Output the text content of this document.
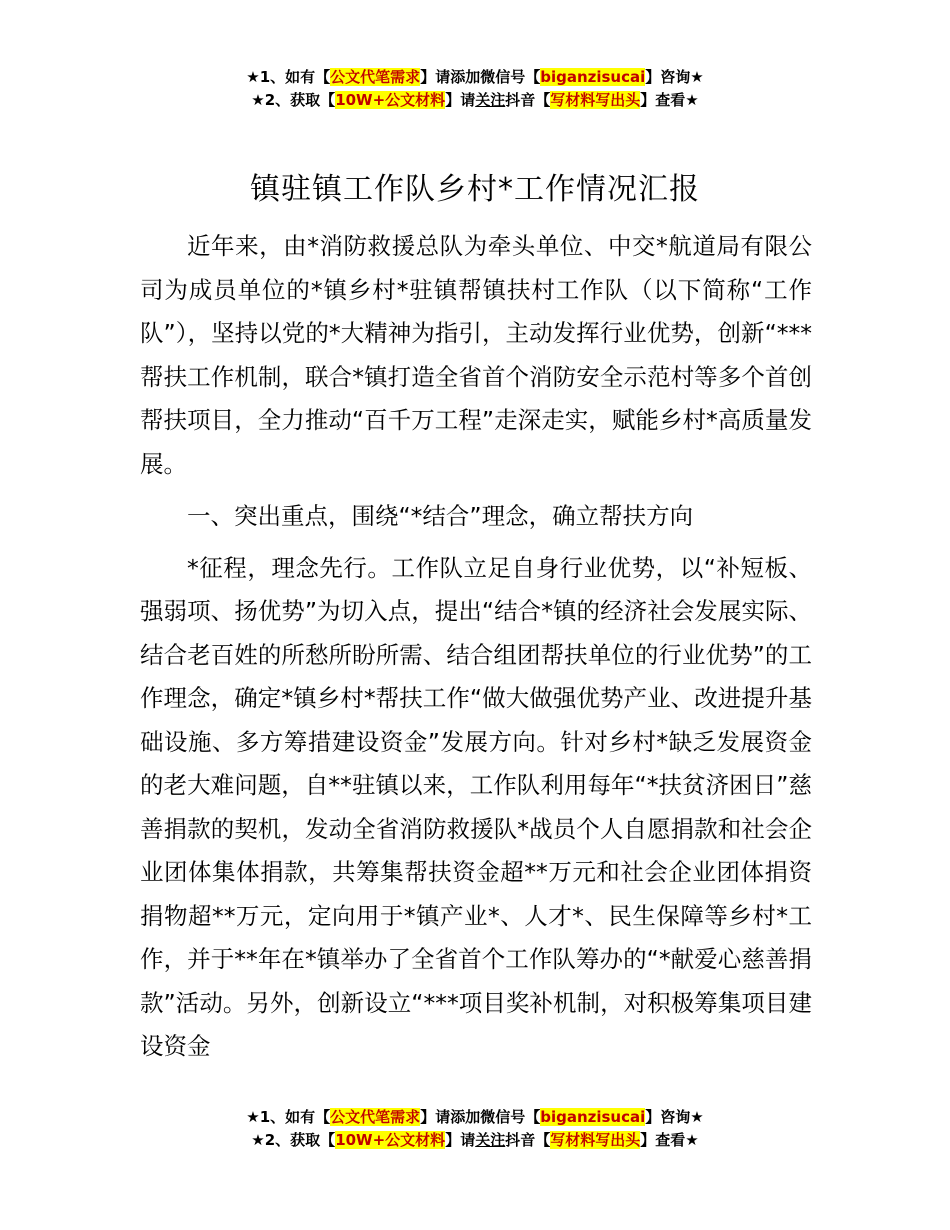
★1、如有【公文代笔需求】请添加微信号【biganzisucai】咨询★
★2、获取【10W+公文材料】请关注抖音【写材料写出头】查看★
镇驻镇工作队乡村*工作情况汇报

近年来，由*消防救援总队为牵头单位、中交*航道局有限公司为成员单位的*镇乡村*驻镇帮镇扶村工作队（以下简称“工作队”），坚持以党的*大精神为指引，主动发挥行业优势，创新“***帮扶工作机制，联合*镇打造全省首个消防安全示范村等多个首创帮扶项目，全力推动“百千万工程”走深走实，赋能乡村*高质量发展。

一、突出重点，围绕“*结合”理念，确立帮扶方向

*征程，理念先行。工作队立足自身行业优势，以“补短板、强弱项、扬优势”为切入点，提出“结合*镇的经济社会发展实际、结合老百姓的所愁所盼所需、结合组团帮扶单位的行业优势”的工作理念，确定*镇乡村*帮扶工作“做大做强优势产业、改进提升基础设施、多方筹措建设资金”发展方向。针对乡村*缺乏发展资金的老大难问题，自**驻镇以来，工作队利用每年“*扶贫济困日”慈善捐款的契机，发动全省消防救援队*战员个人自愿捐款和社会企业团体集体捐款，共筹集帮扶资金超**万元和社会企业团体捐资捐物超**万元，定向用于*镇产业*、人才*、民生保障等乡村*工作，并于**年在*镇举办了全省首个工作队筹办的“*献爱心慈善捐款”活动。另外，创新设立“***项目奖补机制，对积极筹集项目建设资金

★1、如有【公文代笔需求】请添加微信号【biganzisucai】咨询★
★2、获取【10W+公文材料】请关注抖音【写材料写出头】查看★
